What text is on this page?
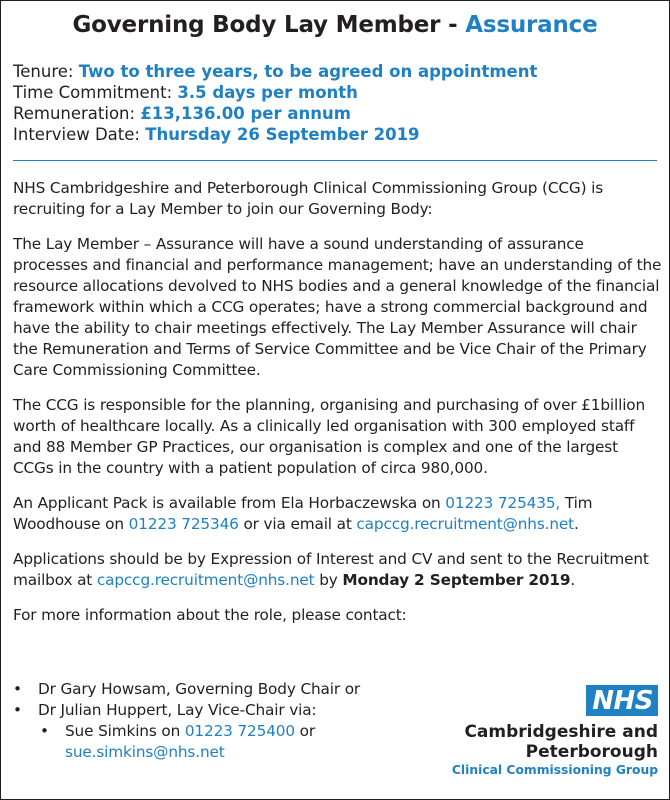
Governing Body Lay Member - Assurance
Tenure: Two to three years, to be agreed on appointment
Time Commitment: 3.5 days per month
Remuneration: £13,136.00 per annum
Interview Date: Thursday 26 September 2019

NHS Cambridgeshire and Peterborough Clinical Commissioning Group (CCG) is recruiting for a Lay Member to join our Governing Body:

The Lay Member – Assurance will have a sound understanding of assurance processes and financial and performance management; have an understanding of the resource allocations devolved to NHS bodies and a general knowledge of the financial framework within which a CCG operates; have a strong commercial background and have the ability to chair meetings effectively. The Lay Member Assurance will chair the Remuneration and Terms of Service Committee and be Vice Chair of the Primary Care Commissioning Committee.

The CCG is responsible for the planning, organising and purchasing of over £1billion worth of healthcare locally. As a clinically led organisation with 300 employed staff and 88 Member GP Practices, our organisation is complex and one of the largest CCGs in the country with a patient population of circa 980,000.

An Applicant Pack is available from Ela Horbaczewska on 01223 725435, Tim Woodhouse on 01223 725346 or via email at capccg.recruitment@nhs.net.

Applications should be by Expression of Interest and CV and sent to the Recruitment mailbox at capccg.recruitment@nhs.net by Monday 2 September 2019.

For more information about the role, please contact:

• Dr Gary Howsam, Governing Body Chair or
• Dr Julian Huppert, Lay Vice-Chair via:
• Sue Simkins on 01223 725400 or
sue.simkins@nhs.net
NHS
Cambridgeshire and
Peterborough
Clinical Commissioning Group
